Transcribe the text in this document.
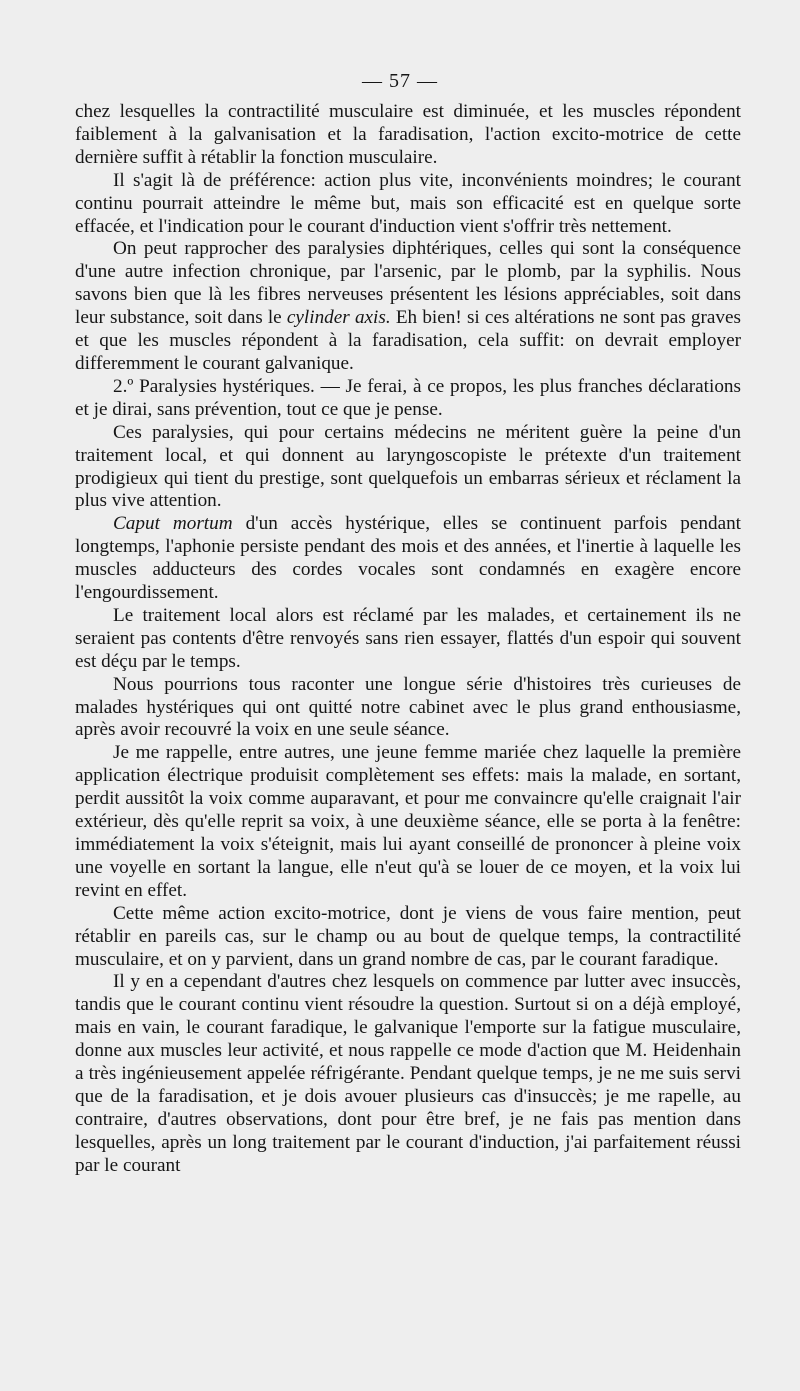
— 57 —

chez lesquelles la contractilité musculaire est diminuée, et les muscles répondent faiblement à la galvanisation et la faradisation, l'action excito-motrice de cette dernière suffit à rétablir la fonction musculaire.

Il s'agit là de préférence: action plus vite, inconvénients moindres; le courant continu pourrait atteindre le même but, mais son efficacité est en quelque sorte effacée, et l'indication pour le courant d'induction vient s'offrir très nettement.

On peut rapprocher des paralysies diphtériques, celles qui sont la conséquence d'une autre infection chronique, par l'arsenic, par le plomb, par la syphilis. Nous savons bien que là les fibres nerveuses présentent les lésions appréciables, soit dans leur substance, soit dans le cylinder axis. Eh bien! si ces altérations ne sont pas graves et que les muscles répondent à la faradisation, cela suffit: on devrait employer differemment le courant galvanique.

2.º Paralysies hystériques. — Je ferai, à ce propos, les plus franches déclarations et je dirai, sans prévention, tout ce que je pense.

Ces paralysies, qui pour certains médecins ne méritent guère la peine d'un traitement local, et qui donnent au laryngoscopiste le prétexte d'un traitement prodigieux qui tient du prestige, sont quelquefois un embarras sérieux et réclament la plus vive attention.

Caput mortum d'un accès hystérique, elles se continuent parfois pendant longtemps, l'aphonie persiste pendant des mois et des années, et l'inertie à laquelle les muscles adducteurs des cordes vocales sont condamnés en exagère encore l'engourdissement.

Le traitement local alors est réclamé par les malades, et certainement ils ne seraient pas contents d'être renvoyés sans rien essayer, flattés d'un espoir qui souvent est déçu par le temps.

Nous pourrions tous raconter une longue série d'histoires très curieuses de malades hystériques qui ont quitté notre cabinet avec le plus grand enthousiasme, après avoir recouvré la voix en une seule séance.

Je me rappelle, entre autres, une jeune femme mariée chez laquelle la première application électrique produisit complètement ses effets: mais la malade, en sortant, perdit aussitôt la voix comme auparavant, et pour me convaincre qu'elle craignait l'air extérieur, dès qu'elle reprit sa voix, à une deuxième séance, elle se porta à la fenêtre: immédiatement la voix s'éteignit, mais lui ayant conseillé de prononcer à pleine voix une voyelle en sortant la langue, elle n'eut qu'à se louer de ce moyen, et la voix lui revint en effet.

Cette même action excito-motrice, dont je viens de vous faire mention, peut rétablir en pareils cas, sur le champ ou au bout de quelque temps, la contractilité musculaire, et on y parvient, dans un grand nombre de cas, par le courant faradique.

Il y en a cependant d'autres chez lesquels on commence par lutter avec insuccès, tandis que le courant continu vient résoudre la question. Surtout si on a déjà employé, mais en vain, le courant faradique, le galvanique l'emporte sur la fatigue musculaire, donne aux muscles leur activité, et nous rappelle ce mode d'action que M. Heidenhain a très ingénieusement appelée réfrigérante. Pendant quelque temps, je ne me suis servi que de la faradisation, et je dois avouer plusieurs cas d'insuccès; je me rapelle, au contraire, d'autres observations, dont pour être bref, je ne fais pas mention dans lesquelles, après un long traitement par le courant d'induction, j'ai parfaitement réussi par le courant
